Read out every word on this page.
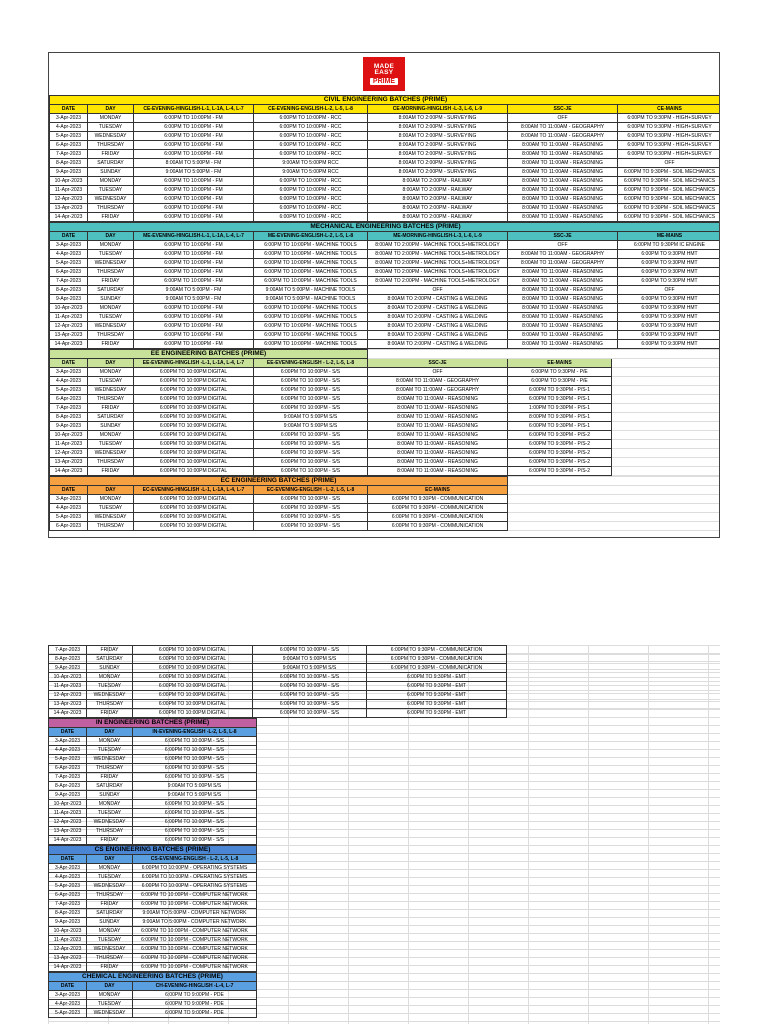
MADE
EASY
PRIME
CIVIL ENGINEERING BATCHES (PRIME)						
DATE	DAY	CE-EVENING-HINGLISH-L-1, L-1A, L-4, L-7	CE-EVENING-ENGLISH-L-2, L-5, L-8	CE-MORNING-HINGLISH -L-3, L-6, L-9	SSC-JE	CE-MAINS
3-Apr-2023	MONDAY	6:00PM TO 10:00PM - FM	6:00PM TO 10:00PM - RCC	8:00AM TO 2:00PM - SURVEYING	OFF	6:00PM TO 9:30PM - HIGH+SURVEY
4-Apr-2023	TUESDAY	6:00PM TO 10:00PM - FM	6:00PM TO 10:00PM - RCC	8:00AM TO 2:00PM - SURVEYING	8:00AM TO 11:00AM - GEOGRAPHY	6:00PM TO 9:30PM - HIGH+SURVEY
5-Apr-2023	WEDNESDAY	6:00PM TO 10:00PM - FM	6:00PM TO 10:00PM - RCC	8:00AM TO 2:00PM - SURVEYING	8:00AM TO 11:00AM - GEOGRAPHY	6:00PM TO 9:30PM - HIGH+SURVEY
6-Apr-2023	THURSDAY	6:00PM TO 10:00PM - FM	6:00PM TO 10:00PM - RCC	8:00AM TO 2:00PM - SURVEYING	8:00AM TO 11:00AM - REASONING	6:00PM TO 9:30PM - HIGH+SURVEY
7-Apr-2023	FRIDAY	6:00PM TO 10:00PM - FM	6:00PM TO 10:00PM - RCC	8:00AM TO 2:00PM - SURVEYING	8:00AM TO 11:00AM - REASONING	6:00PM TO 9:30PM - HIGH+SURVEY
8-Apr-2023	SATURDAY	8:00AM TO 5:00PM - FM	9:00AM TO 5:00PM RCC	8:00AM TO 2:00PM - SURVEYING	8:00AM TO 11:00AM - REASONING	OFF
9-Apr-2023	SUNDAY	9:00AM TO 5:00PM - FM	9:00AM TO 5:00PM RCC	8:00AM TO 2:00PM - SURVEYING	8:00AM TO 11:00AM - REASONING	6:00PM TO 9:30PM - SOIL MECHANICS
10-Apr-2023	MONDAY	6:00PM TO 10:00PM - FM	6:00PM TO 10:00PM - RCC	8:00AM TO 2:00PM - RAILWAY	8:00AM TO 11:00AM - REASONING	6:00PM TO 9:30PM - SOIL MECHANICS
11-Apr-2023	TUESDAY	6:00PM TO 10:00PM - FM	6:00PM TO 10:00PM - RCC	8:00AM TO 2:00PM - RAILWAY	8:00AM TO 11:00AM - REASONING	6:00PM TO 9:30PM - SOIL MECHANICS
12-Apr-2023	WEDNESDAY	6:00PM TO 10:00PM - FM	6:00PM TO 10:00PM - RCC	8:00AM TO 2:00PM - RAILWAY	8:00AM TO 11:00AM - REASONING	6:00PM TO 9:30PM - SOIL MECHANICS
13-Apr-2023	THURSDAY	6:00PM TO 10:00PM - FM	6:00PM TO 10:00PM - RCC	8:00AM TO 2:00PM - RAILWAY	8:00AM TO 11:00AM - REASONING	6:00PM TO 9:30PM - SOIL MECHANICS
14-Apr-2023	FRIDAY	6:00PM TO 10:00PM - FM	6:00PM TO 10:00PM - RCC	8:00AM TO 2:00PM - RAILWAY	8:00AM TO 11:00AM - REASONING	6:00PM TO 9:30PM - SOIL MECHANICS
MECHANICAL ENGINEERING BATCHES (PRIME)						
DATE	DAY	ME-EVENING-HINGLISH-L-1, L-1A, L-4, L-7	ME-EVENING-ENGLISH-L-2, L-5, L-8	ME-MORNING-HINGLISH-L-3, L-6, L-9	SSC-JE	ME-MAINS
3-Apr-2023	MONDAY	6:00PM TO 10:00PM - FM	6:00PM TO 10:00PM - MACHINE TOOLS	8:00AM TO 2:00PM - MACHINE TOOLS+METROLOGY	OFF	6:00PM TO 9:30PM IC ENGINE
4-Apr-2023	TUESDAY	6:00PM TO 10:00PM - FM	6:00PM TO 10:00PM - MACHINE TOOLS	8:00AM TO 2:00PM - MACHINE TOOLS+METROLOGY	8:00AM TO 11:00AM - GEOGRAPHY	6:00PM TO 9:30PM HMT
5-Apr-2023	WEDNESDAY	6:00PM TO 10:00PM - FM	6:00PM TO 10:00PM - MACHINE TOOLS	8:00AM TO 2:00PM - MACHINE TOOLS+METROLOGY	8:00AM TO 11:00AM - GEOGRAPHY	6:00PM TO 9:30PM HMT
6-Apr-2023	THURSDAY	6:00PM TO 10:00PM - FM	6:00PM TO 10:00PM - MACHINE TOOLS	8:00AM TO 2:00PM - MACHINE TOOLS+METROLOGY	8:00AM TO 11:00AM - REASONING	6:00PM TO 9:30PM HMT
7-Apr-2023	FRIDAY	6:00PM TO 10:00PM - FM	6:00PM TO 10:00PM - MACHINE TOOLS	8:00AM TO 2:00PM - MACHINE TOOLS+METROLOGY	8:00AM TO 11:00AM - REASONING	6:00PM TO 9:30PM HMT
8-Apr-2023	SATURDAY	9:00AM TO 5:00PM - FM	9:00AM TO 5:00PM - MACHINE TOOLS	OFF	8:00AM TO 11:00AM - REASONING	OFF
9-Apr-2023	SUNDAY	9:00AM TO 5:00PM - FM	9:00AM TO 5:00PM - MACHINE TOOLS	8:00AM TO 2:00PM - CASTING & WELDING	8:00AM TO 11:00AM - REASONING	6:00PM TO 9:30PM HMT
10-Apr-2023	MONDAY	6:00PM TO 10:00PM - FM	6:00PM TO 10:00PM - MACHINE TOOLS	8:00AM TO 2:00PM - CASTING & WELDING	8:00AM TO 11:00AM - REASONING	6:00PM TO 9:30PM HMT
11-Apr-2023	TUESDAY	6:00PM TO 10:00PM - FM	6:00PM TO 10:00PM - MACHINE TOOLS	8:00AM TO 2:00PM - CASTING & WELDING	8:00AM TO 11:00AM - REASONING	6:00PM TO 9:30PM HMT
12-Apr-2023	WEDNESDAY	6:00PM TO 10:00PM - FM	6:00PM TO 10:00PM - MACHINE TOOLS	8:00AM TO 2:00PM - CASTING & WELDING	8:00AM TO 11:00AM - REASONING	6:00PM TO 9:30PM HMT
13-Apr-2023	THURSDAY	6:00PM TO 10:00PM - FM	6:00PM TO 10:00PM - MACHINE TOOLS	8:00AM TO 2:00PM - CASTING & WELDING	8:00AM TO 11:00AM - REASONING	6:00PM TO 9:30PM HMT
14-Apr-2023	FRIDAY	6:00PM TO 10:00PM - FM	6:00PM TO 10:00PM - MACHINE TOOLS	8:00AM TO 2:00PM - CASTING & WELDING	8:00AM TO 11:00AM - REASONING	6:00PM TO 9:30PM HMT
EE ENGINEERING BATCHES (PRIME)						
DATE	DAY	EE-EVENING-HINGLISH -L-1, L-1A, L-4, L-7	EE-EVENING-ENGLISH - L-2, L-5, L-8	SSC-JE	EE-MAINS	
3-Apr-2023	MONDAY	6:00PM TO 10:00PM DIGITAL	6:00PM TO 10:00PM - S/S	OFF	6:00PM TO 9:30PM - P/E	
4-Apr-2023	TUESDAY	6:00PM TO 10:00PM DIGITAL	6:00PM TO 10:00PM - S/S	8:00AM TO 11:00AM - GEOGRAPHY	6:00PM TO 9:30PM - P/E	
5-Apr-2023	WEDNESDAY	6:00PM TO 10:00PM DIGITAL	6:00PM TO 10:00PM - S/S	8:00AM TO 11:00AM - GEOGRAPHY	6:00PM TO 9:30PM - P/S-1	
6-Apr-2023	THURSDAY	6:00PM TO 10:00PM DIGITAL	6:00PM TO 10:00PM - S/S	8:00AM TO 11:00AM - REASONING	6:00PM TO 9:30PM - P/S-1	
7-Apr-2023	FRIDAY	6:00PM TO 10:00PM DIGITAL	6:00PM TO 10:00PM - S/S	8:00AM TO 11:00AM - REASONING	1:00PM TO 9:30PM - P/S-1	
8-Apr-2023	SATURDAY	6:00PM TO 10:00PM DIGITAL	9:00AM TO 5:00PM S/S	8:00AM TO 11:00AM - REASONING	8:00PM TO 9:30PM - P/S-1	
9-Apr-2023	SUNDAY	6:00PM TO 10:00PM DIGITAL	9:00AM TO 5:00PM S/S	8:00AM TO 11:00AM - REASONING	6:00PM TO 9:30PM - P/S-1	
10-Apr-2023	MONDAY	6:00PM TO 10:00PM DIGITAL	6:00PM TO 10:00PM - S/S	8:00AM TO 11:00AM - REASONING	6:00PM TO 9:30PM - P/S-2	
11-Apr-2023	TUESDAY	6:00PM TO 10:00PM DIGITAL	6:00PM TO 10:00PM - S/S	8:00AM TO 11:00AM - REASONING	6:00PM TO 9:30PM - P/S-2	
12-Apr-2023	WEDNESDAY	6:00PM TO 10:00PM DIGITAL	6:00PM TO 10:00PM - S/S	8:00AM TO 11:00AM - REASONING	6:00PM TO 9:30PM - P/S-2	
13-Apr-2023	THURSDAY	6:00PM TO 10:00PM DIGITAL	6:00PM TO 10:00PM - S/S	8:00AM TO 11:00AM - REASONING	6:00PM TO 9:30PM - P/S-2	
14-Apr-2023	FRIDAY	6:00PM TO 10:00PM DIGITAL	6:00PM TO 10:00PM - S/S	8:00AM TO 11:00AM - REASONING	6:00PM TO 9:30PM - P/S-2	
EC ENGINEERING BATCHES (PRIME)					
DATE	DAY	EC-EVENING-HINGLISH -L-1, L-1A, L-4, L-7	EC-EVENING-ENGLISH - L-2, L-5, L-8	EC-MAINS	
3-Apr-2023	MONDAY	6:00PM TO 10:00PM DIGITAL	6:00PM TO 10:00PM - S/S	6:00PM TO 9:30PM - COMMUNICATION	
4-Apr-2023	TUESDAY	6:00PM TO 10:00PM DIGITAL	6:00PM TO 10:00PM - S/S	6:00PM TO 9:30PM - COMMUNICATION	
5-Apr-2023	WEDNESDAY	6:00PM TO 10:00PM DIGITAL	6:00PM TO 10:00PM - S/S	6:00PM TO 9:30PM - COMMUNICATION	
6-Apr-2023	THURSDAY	6:00PM TO 10:00PM DIGITAL	6:00PM TO 10:00PM - S/S	6:00PM TO 9:30PM - COMMUNICATION	
7-Apr-2023	FRIDAY	6:00PM TO 10:00PM DIGITAL	6:00PM TO 10:00PM - S/S	6:00PM TO 9:30PM - COMMUNICATION	
8-Apr-2023	SATURDAY	6:00PM TO 10:00PM DIGITAL	9:00AM TO 5:00PM S/S	6:00PM TO 9:30PM - COMMUNICATION	
9-Apr-2023	SUNDAY	6:00PM TO 10:00PM DIGITAL	9:00AM TO 5:00PM S/S	6:00PM TO 9:30PM - COMMUNICATION	
10-Apr-2023	MONDAY	6:00PM TO 10:00PM DIGITAL	6:00PM TO 10:00PM - S/S	6:00PM TO 9:30PM - EMT	
11-Apr-2023	TUESDAY	6:00PM TO 10:00PM DIGITAL	6:00PM TO 10:00PM - S/S	6:00PM TO 9:30PM - EMT	
12-Apr-2023	WEDNESDAY	6:00PM TO 10:00PM DIGITAL	6:00PM TO 10:00PM - S/S	6:00PM TO 9:30PM - EMT	
13-Apr-2023	THURSDAY	6:00PM TO 10:00PM DIGITAL	6:00PM TO 10:00PM - S/S	6:00PM TO 9:30PM - EMT	
14-Apr-2023	FRIDAY	6:00PM TO 10:00PM DIGITAL	6:00PM TO 10:00PM - S/S	6:00PM TO 9:30PM - EMT	
IN ENGINEERING BATCHES (PRIME)		
DATE	DAY	IN-EVENING-ENGLISH -L-2, L-5, L-8
3-Apr-2023	MONDAY	6:00PM TO 10:00PM - S/S
4-Apr-2023	TUESDAY	6:00PM TO 10:00PM - S/S
5-Apr-2023	WEDNESDAY	6:00PM TO 10:00PM - S/S
6-Apr-2023	THURSDAY	6:00PM TO 10:00PM - S/S
7-Apr-2023	FRIDAY	6:00PM TO 10:00PM - S/S
8-Apr-2023	SATURDAY	9:00AM TO 5:00PM S/S
9-Apr-2023	SUNDAY	9:00AM TO 5:00PM S/S
10-Apr-2023	MONDAY	6:00PM TO 10:00PM - S/S
11-Apr-2023	TUESDAY	6:00PM TO 10:00PM - S/S
12-Apr-2023	WEDNESDAY	6:00PM TO 10:00PM - S/S
13-Apr-2023	THURSDAY	6:00PM TO 10:00PM - S/S
14-Apr-2023	FRIDAY	6:00PM TO 10:00PM - S/S
CS ENGINEERING BATCHES (PRIME)		
DATE	DAY	CS-EVENING-ENGLISH - L-2, L-5, L-8
3-Apr-2023	MONDAY	6:00PM TO 10:00PM - OPERATING SYSTEMS
4-Apr-2023	TUESDAY	6:00PM TO 10:00PM - OPERATING SYSTEMS
5-Apr-2023	WEDNESDAY	6:00PM TO 10:00PM - OPERATING SYSTEMS
6-Apr-2023	THURSDAY	6:00PM TO 10:00PM - COMPUTER NETWORK
7-Apr-2023	FRIDAY	6:00PM TO 10:00PM - COMPUTER NETWORK
8-Apr-2023	SATURDAY	9:00AM TO 5:00PM - COMPUTER NETWORK
9-Apr-2023	SUNDAY	9:00AM TO 5:00PM - COMPUTER NETWORK
10-Apr-2023	MONDAY	6:00PM TO 10:00PM - COMPUTER NETWORK
11-Apr-2023	TUESDAY	6:00PM TO 10:00PM - COMPUTER NETWORK
12-Apr-2023	WEDNESDAY	6:00PM TO 10:00PM - COMPUTER NETWORK
13-Apr-2023	THURSDAY	6:00PM TO 10:00PM - COMPUTER NETWORK
14-Apr-2023	FRIDAY	6:00PM TO 10:00PM - COMPUTER NETWORK
CHEMICAL ENGINEERING BATCHES (PRIME)		
DATE	DAY	CH-EVENING-HINGLISH -L-4, L-7
3-Apr-2023	MONDAY	6:00PM TO 9:00PM - PDE
4-Apr-2023	TUESDAY	6:00PM TO 9:00PM - PDE
5-Apr-2023	WEDNESDAY	6:00PM TO 9:00PM - PDE
